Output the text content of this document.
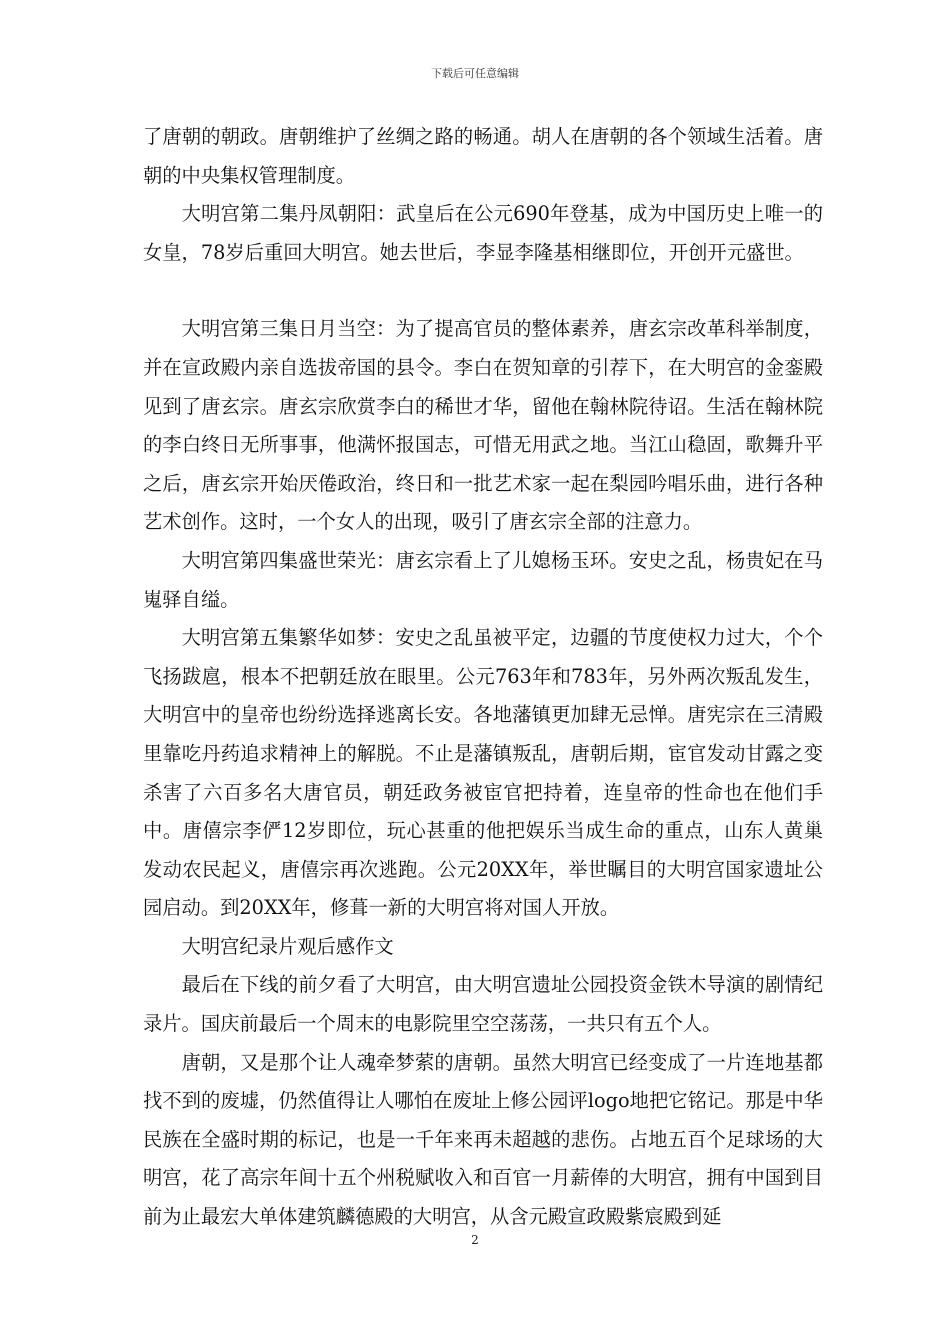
下载后可任意编辑

了唐朝的朝政。唐朝维护了丝绸之路的畅通。胡人在唐朝的各个领域生活着。唐朝的中央集权管理制度。

大明宫第二集丹凤朝阳：武皇后在公元690年登基，成为中国历史上唯一的女皇，78岁后重回大明宫。她去世后，李显李隆基相继即位，开创开元盛世。

大明宫第三集日月当空：为了提高官员的整体素养，唐玄宗改革科举制度，并在宣政殿内亲自选拔帝国的县令。李白在贺知章的引荐下，在大明宫的金銮殿见到了唐玄宗。唐玄宗欣赏李白的稀世才华，留他在翰林院待诏。生活在翰林院的李白终日无所事事，他满怀报国志，可惜无用武之地。当江山稳固，歌舞升平之后，唐玄宗开始厌倦政治，终日和一批艺术家一起在梨园吟唱乐曲，进行各种艺术创作。这时，一个女人的出现，吸引了唐玄宗全部的注意力。

大明宫第四集盛世荣光：唐玄宗看上了儿媳杨玉环。安史之乱，杨贵妃在马嵬驿自缢。

大明宫第五集繁华如梦：安史之乱虽被平定，边疆的节度使权力过大，个个飞扬跋扈，根本不把朝廷放在眼里。公元763年和783年，另外两次叛乱发生，大明宫中的皇帝也纷纷选择逃离长安。各地藩镇更加肆无忌惮。唐宪宗在三清殿里靠吃丹药追求精神上的解脱。不止是藩镇叛乱，唐朝后期，宦官发动甘露之变杀害了六百多名大唐官员，朝廷政务被宦官把持着，连皇帝的性命也在他们手中。唐僖宗李俨12岁即位，玩心甚重的他把娱乐当成生命的重点，山东人黄巢发动农民起义，唐僖宗再次逃跑。公元20XX年，举世瞩目的大明宫国家遗址公园启动。到20XX年，修葺一新的大明宫将对国人开放。

大明宫纪录片观后感作文

最后在下线的前夕看了大明宫，由大明宫遗址公园投资金铁木导演的剧情纪录片。国庆前最后一个周末的电影院里空空荡荡，一共只有五个人。

唐朝，又是那个让人魂牵梦萦的唐朝。虽然大明宫已经变成了一片连地基都找不到的废墟，仍然值得让人哪怕在废址上修公园评logo地把它铭记。那是中华民族在全盛时期的标记，也是一千年来再未超越的悲伤。占地五百个足球场的大明宫，花了高宗年间十五个州税赋收入和百官一月薪俸的大明宫，拥有中国到目前为止最宏大单体建筑麟德殿的大明宫，从含元殿宣政殿紫宸殿到延

2
